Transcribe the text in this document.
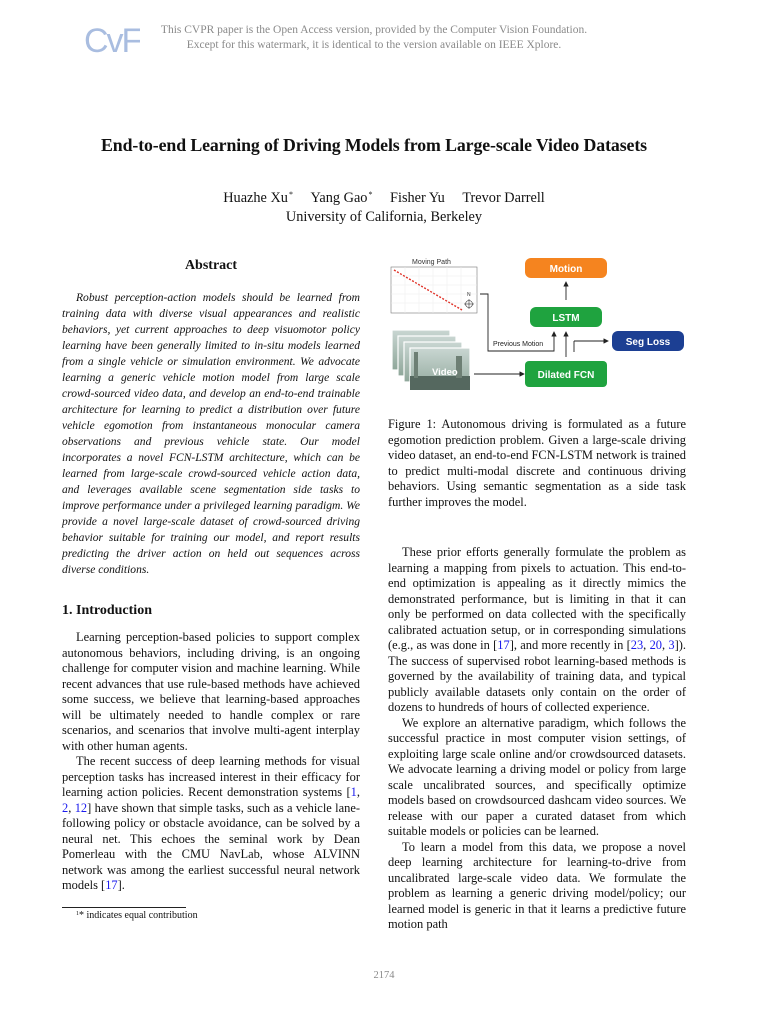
CvF	This CVPR paper is the Open Access version, provided by the Computer Vision Foundation.
Except for this watermark, it is identical to the version available on IEEE Xplore.
End-to-end Learning of Driving Models from Large-scale Video Datasets
Huazhe Xu* Yang Gao* Fisher Yu Trevor Darrell
University of California, Berkeley
Abstract

Robust perception-action models should be learned from training data with diverse visual appearances and realistic behaviors, yet current approaches to deep visuomotor policy learning have been generally limited to in-situ models learned from a single vehicle or simulation environment. We advocate learning a generic vehicle motion model from large scale crowd-sourced video data, and develop an end-to-end trainable architecture for learning to predict a distribution over future vehicle egomotion from instantaneous monocular camera observations and previous vehicle state. Our model incorporates a novel FCN-LSTM architecture, which can be learned from large-scale crowd-sourced vehicle action data, and leverages available scene segmentation side tasks to improve performance under a privileged learning paradigm. We provide a novel large-scale dataset of crowd-sourced driving behavior suitable for training our model, and report results predicting the driver action on held out sequences across diverse conditions.

1. Introduction

Learning perception-based policies to support complex autonomous behaviors, including driving, is an ongoing challenge for computer vision and machine learning. While recent advances that use rule-based methods have achieved some success, we believe that learning-based approaches will be ultimately needed to handle complex or rare scenarios, and scenarios that involve multi-agent interplay with other human agents.

The recent success of deep learning methods for visual perception tasks has increased interest in their efficacy for learning action policies. Recent demonstration systems [1, 2, 12] have shown that simple tasks, such as a vehicle lane-following policy or obstacle avoidance, can be solved by a neural net. This echoes the seminal work by Dean Pomerleau with the CMU NavLab, whose ALVINN network was among the earliest successful neural network models [17].

$^1$* indicates equal contribution
Moving Path
N
Video
Motion
LSTM
Previous Motion	Seg Loss
Dilated FCN

Figure 1: Autonomous driving is formulated as a future egomotion prediction problem. Given a large-scale driving video dataset, an end-to-end FCN-LSTM network is trained to predict multi-modal discrete and continuous driving behaviors. Using semantic segmentation as a side task further improves the model.

These prior efforts generally formulate the problem as learning a mapping from pixels to actuation. This end-to-end optimization is appealing as it directly mimics the demonstrated performance, but is limiting in that it can only be performed on data collected with the specifically calibrated actuation setup, or in corresponding simulations (e.g., as was done in [17], and more recently in [23, 20, 3]). The success of supervised robot learning-based methods is governed by the availability of training data, and typical publicly available datasets only contain on the order of dozens to hundreds of hours of collected experience.

We explore an alternative paradigm, which follows the successful practice in most computer vision settings, of exploiting large scale online and/or crowdsourced datasets. We advocate learning a driving model or policy from large scale uncalibrated sources, and specifically optimize models based on crowdsourced dashcam video sources. We release with our paper a curated dataset from which suitable models or policies can be learned.

To learn a model from this data, we propose a novel deep learning architecture for learning-to-drive from uncalibrated large-scale video data. We formulate the problem as learning a generic driving model/policy; our learned model is generic in that it learns a predictive future motion path

2174
